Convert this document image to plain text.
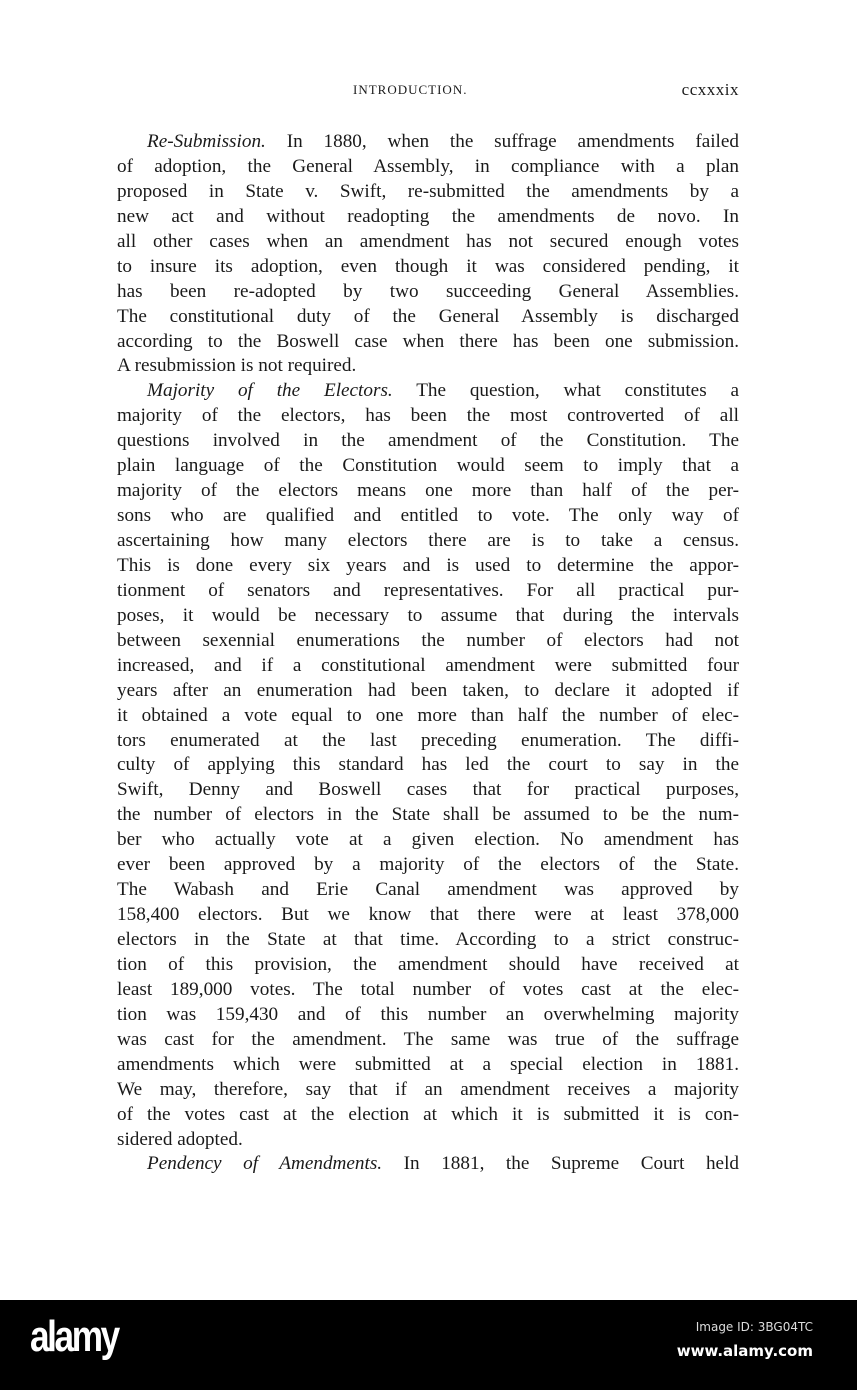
INTRODUCTION.	ccxxxix
Re-Submission. In 1880, when the suffrage amendments failed
of adoption, the General Assembly, in compliance with a plan
proposed in State v. Swift, re-submitted the amendments by a
new act and without readopting the amendments de novo. In
all other cases when an amendment has not secured enough votes
to insure its adoption, even though it was considered pending, it
has been re-adopted by two succeeding General Assemblies.
The constitutional duty of the General Assembly is discharged
according to the Boswell case when there has been one submission.
A resubmission is not required.
Majority of the Electors. The question, what constitutes a
majority of the electors, has been the most controverted of all
questions involved in the amendment of the Constitution. The
plain language of the Constitution would seem to imply that a
majority of the electors means one more than half of the per-
sons who are qualified and entitled to vote. The only way of
ascertaining how many electors there are is to take a census.
This is done every six years and is used to determine the appor-
tionment of senators and representatives. For all practical pur-
poses, it would be necessary to assume that during the intervals
between sexennial enumerations the number of electors had not
increased, and if a constitutional amendment were submitted four
years after an enumeration had been taken, to declare it adopted if
it obtained a vote equal to one more than half the number of elec-
tors enumerated at the last preceding enumeration. The diffi-
culty of applying this standard has led the court to say in the
Swift, Denny and Boswell cases that for practical purposes,
the number of electors in the State shall be assumed to be the num-
ber who actually vote at a given election. No amendment has
ever been approved by a majority of the electors of the State.
The Wabash and Erie Canal amendment was approved by
158,400 electors. But we know that there were at least 378,000
electors in the State at that time. According to a strict construc-
tion of this provision, the amendment should have received at
least 189,000 votes. The total number of votes cast at the elec-
tion was 159,430 and of this number an overwhelming majority
was cast for the amendment. The same was true of the suffrage
amendments which were submitted at a special election in 1881.
We may, therefore, say that if an amendment receives a majority
of the votes cast at the election at which it is submitted it is con-
sidered adopted.
Pendency of Amendments. In 1881, the Supreme Court held
alamy	Image ID: 3BG04TC
www.alamy.com
